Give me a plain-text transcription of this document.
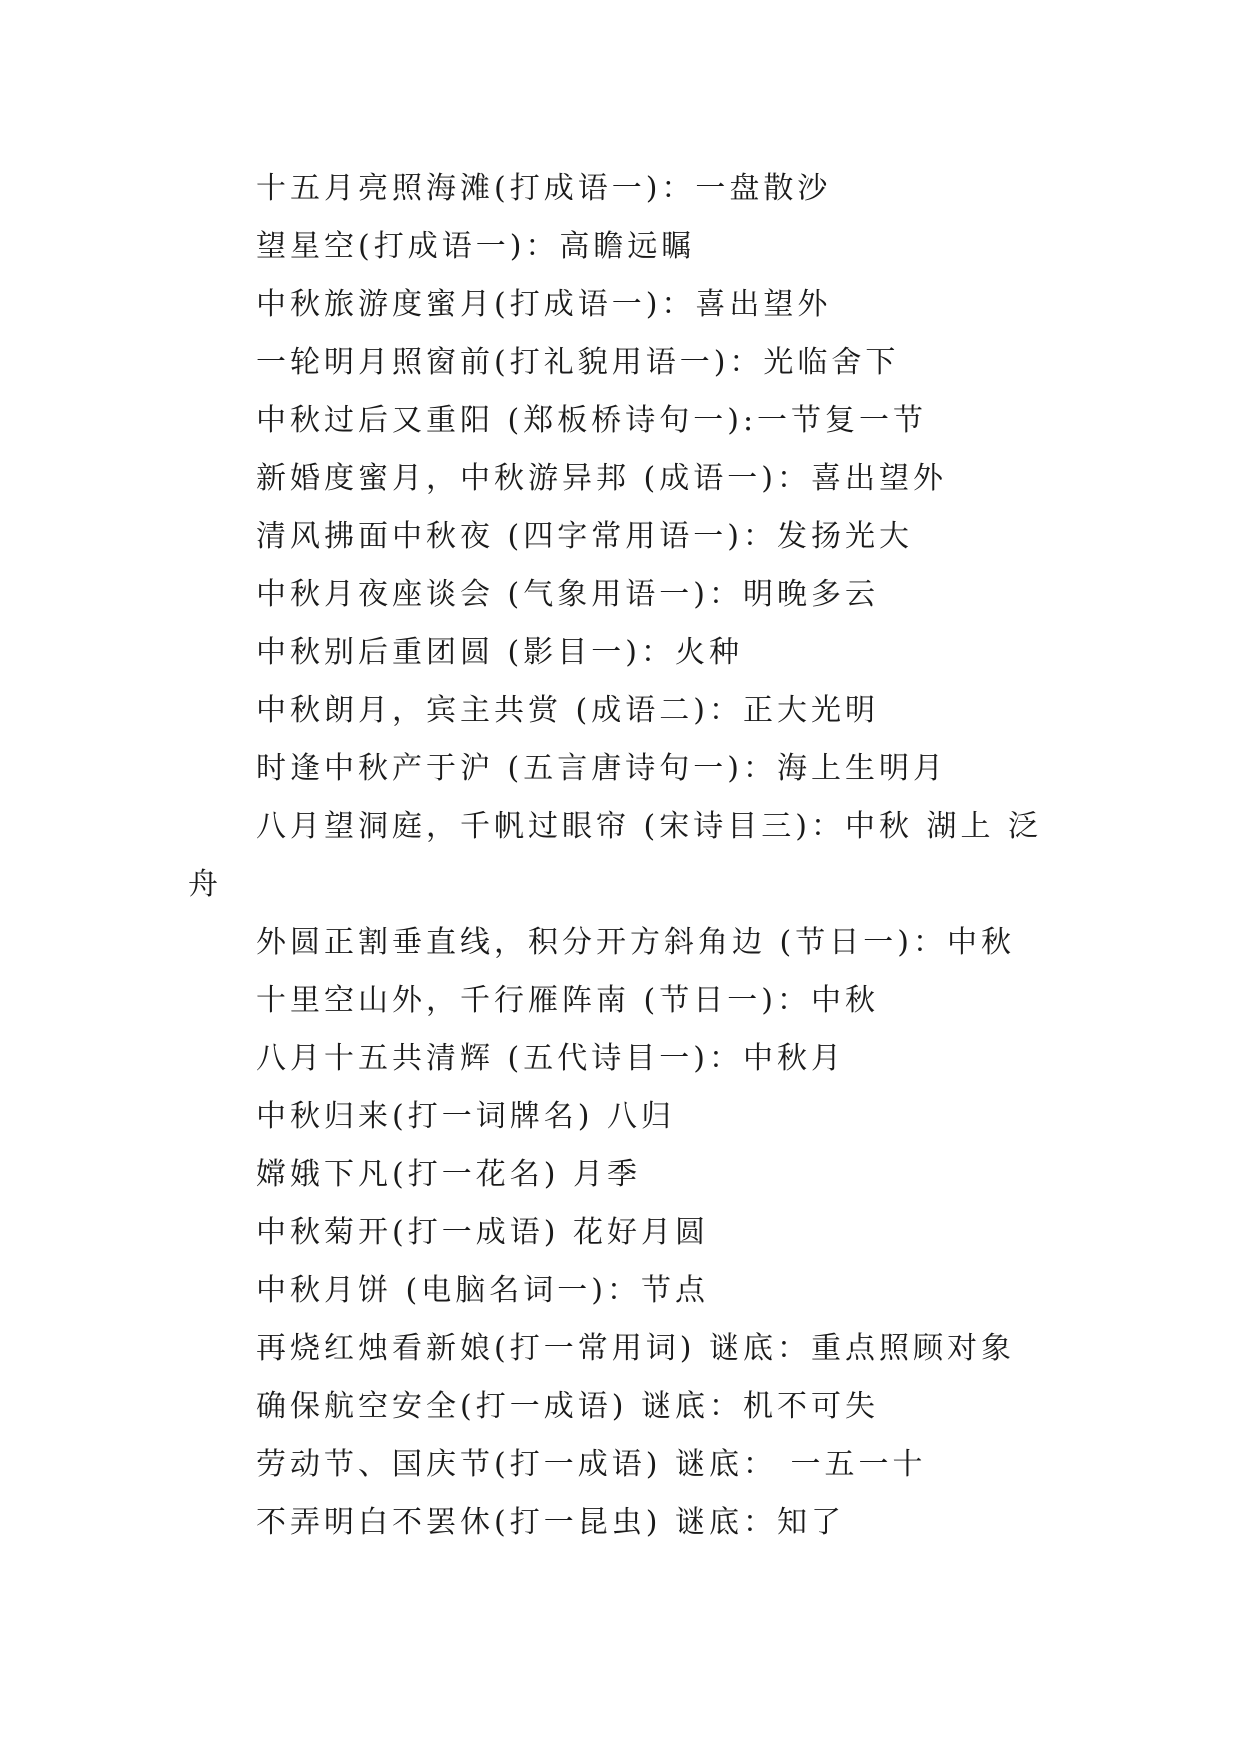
十五月亮照海滩(打成语一)：一盘散沙
望星空(打成语一)：高瞻远瞩
中秋旅游度蜜月(打成语一)：喜出望外
一轮明月照窗前(打礼貌用语一)：光临舍下
中秋过后又重阳 (郑板桥诗句一):一节复一节
新婚度蜜月，中秋游异邦 (成语一)：喜出望外
清风拂面中秋夜 (四字常用语一)：发扬光大
中秋月夜座谈会 (气象用语一)：明晚多云
中秋别后重团圆 (影目一)：火种
中秋朗月，宾主共赏 (成语二)：正大光明
时逢中秋产于沪 (五言唐诗句一)：海上生明月
八月望洞庭，千帆过眼帘 (宋诗目三)：中秋 湖上 泛舟
外圆正割垂直线，积分开方斜角边 (节日一)：中秋
十里空山外，千行雁阵南 (节日一)：中秋
八月十五共清辉 (五代诗目一)：中秋月
中秋归来(打一词牌名) 八归
嫦娥下凡(打一花名) 月季
中秋菊开(打一成语) 花好月圆
中秋月饼 (电脑名词一)：节点
再烧红烛看新娘(打一常用词) 谜底：重点照顾对象
确保航空安全(打一成语) 谜底：机不可失
劳动节、国庆节(打一成语) 谜底： 一五一十
不弄明白不罢休(打一昆虫) 谜底：知了
